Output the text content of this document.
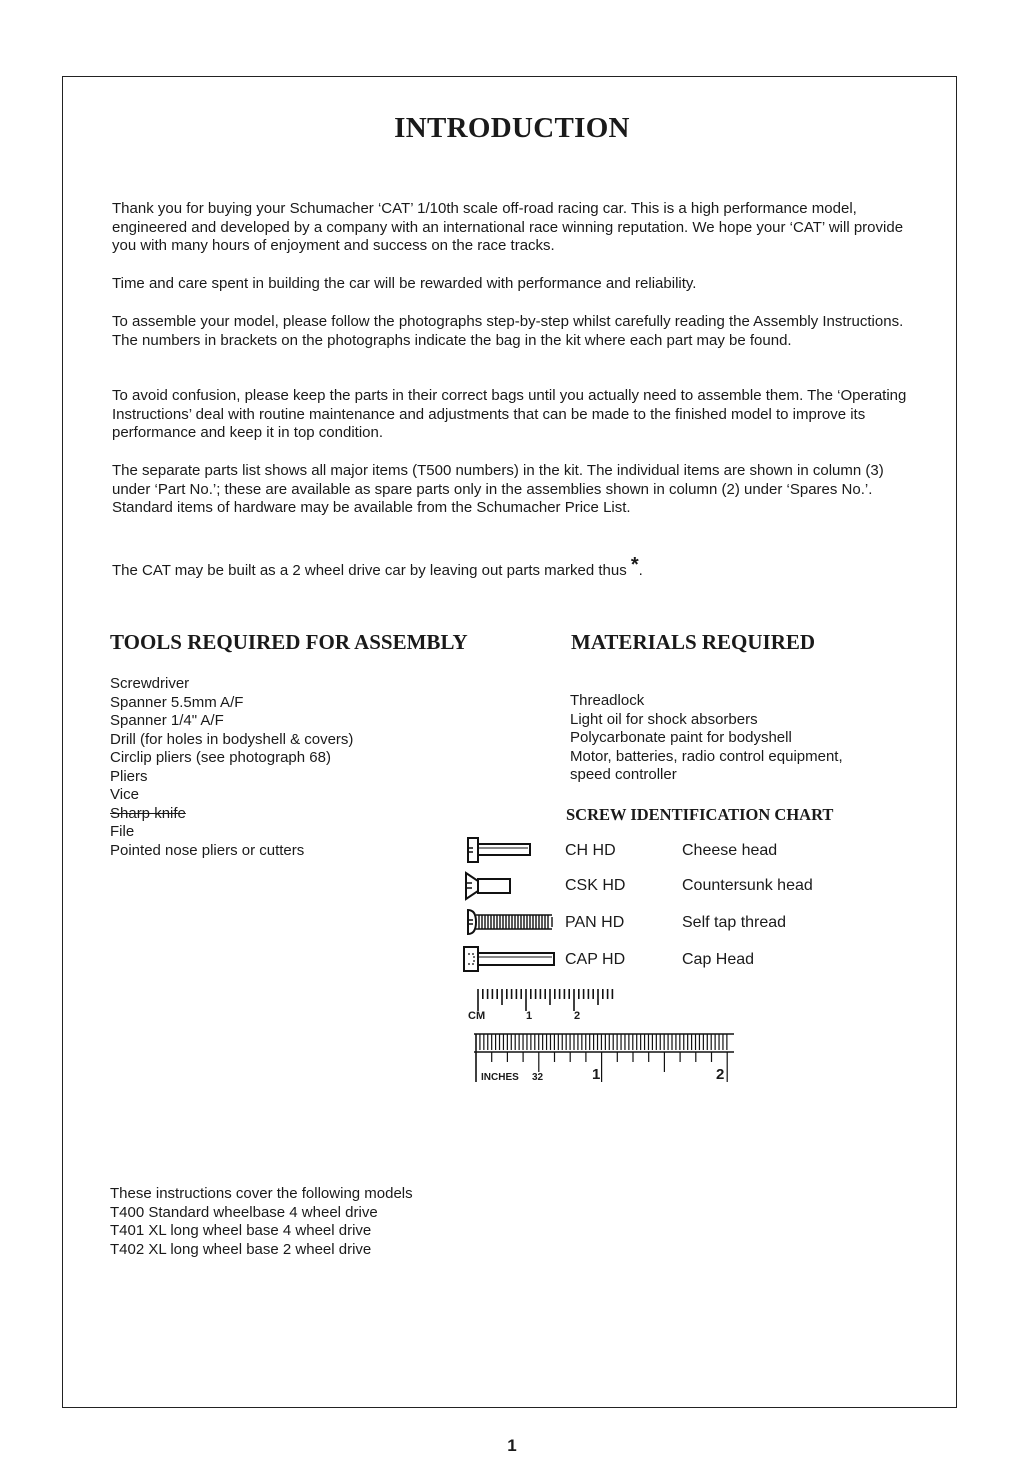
INTRODUCTION
Thank you for buying your Schumacher ‘CAT’ 1/10th scale off-road racing car. This is a high performance model, engineered and developed by a company with an international race winning reputation. We hope your ‘CAT’ will provide you with many hours of enjoyment and success on the race tracks.
Time and care spent in building the car will be rewarded with performance and reliability.
To assemble your model, please follow the photographs step-by-step whilst carefully reading the Assembly Instructions. The numbers in brackets on the photographs indicate the bag in the kit where each part may be found.
To avoid confusion, please keep the parts in their correct bags until you actually need to assemble them. The ‘Operating Instructions’ deal with routine maintenance and adjustments that can be made to the finished model to improve its performance and keep it in top condition.
The separate parts list shows all major items (T500 numbers) in the kit. The individual items are shown in column (3) under ‘Part No.’; these are available as spare parts only in the assemblies shown in column (2) under ‘Spares No.’. Standard items of hardware may be available from the Schumacher Price List.
The CAT may be built as a 2 wheel drive car by leaving out parts marked thus *.
TOOLS REQUIRED FOR ASSEMBLY
Screwdriver
Spanner 5.5mm A/F
Spanner 1/4" A/F
Drill (for holes in bodyshell & covers)
Circlip pliers (see photograph 68)
Pliers
Vice
Sharp knife
File
Pointed nose pliers or cutters
MATERIALS REQUIRED
Threadlock
Light oil for shock absorbers
Polycarbonate paint for bodyshell
Motor, batteries, radio control equipment,
speed controller
SCREW IDENTIFICATION CHART
CH HD	Cheese head
CSK HD	Countersunk head
PAN HD	Self tap thread
CAP HD	Cap Head
CM	1	2
INCHES 32	1	2
These instructions cover the following models
T400 Standard wheelbase 4 wheel drive
T401 XL long wheel base 4 wheel drive
T402 XL long wheel base 2 wheel drive
1
